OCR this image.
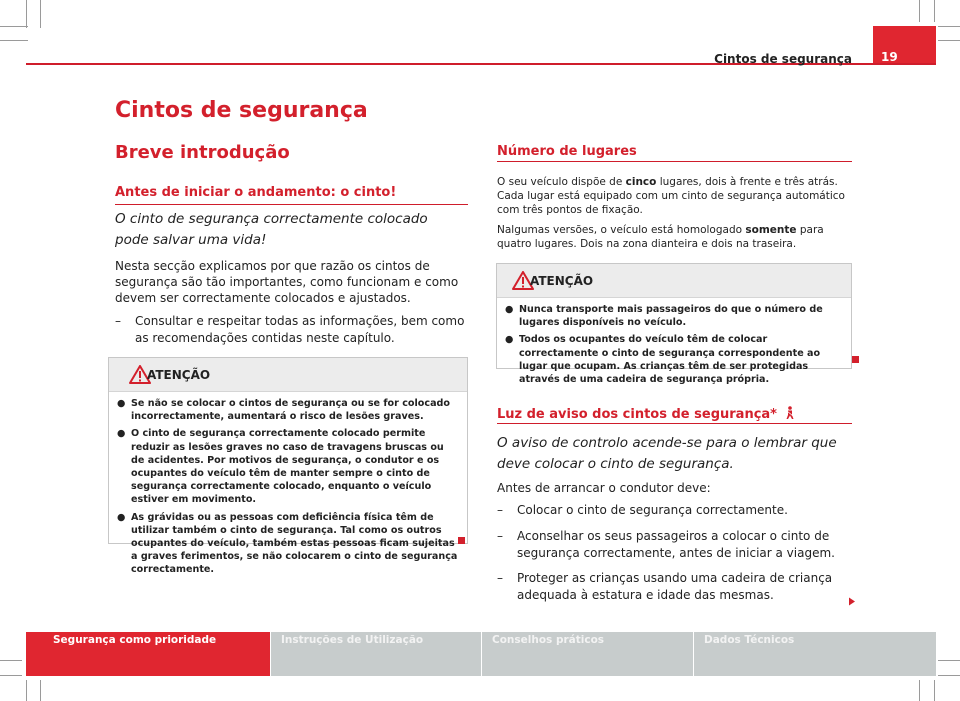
Cintos de segurança 19
Cintos de segurança
Breve introdução
Antes de iniciar o andamento: o cinto!
O cinto de segurança correctamente colocado pode salvar uma vida!
Nesta secção explicamos por que razão os cintos de segurança são tão importantes, como funcionam e como devem ser correctamente colocados e ajustados.
– Consultar e respeitar todas as informações, bem como as recomendações contidas neste capítulo.
ATENÇÃO
● Se não se colocar o cintos de segurança ou se for colocado incorrectamente, aumentará o risco de lesões graves.
● O cinto de segurança correctamente colocado permite reduzir as lesões graves no caso de travagens bruscas ou de acidentes. Por motivos de segurança, o condutor e os ocupantes do veículo têm de manter sempre o cinto de segurança correctamente colocado, enquanto o veículo estiver em movimento.
● As grávidas ou as pessoas com deficiência física têm de utilizar também o cinto de segurança. Tal como os outros ocupantes do veículo, também estas pessoas ficam sujeitas a graves ferimentos, se não colocarem o cinto de segurança correctamente.
Número de lugares
O seu veículo dispõe de cinco lugares, dois à frente e três atrás. Cada lugar está equipado com um cinto de segurança automático com três pontos de fixação.
Nalgumas versões, o veículo está homologado somente para quatro lugares. Dois na zona dianteira e dois na traseira.
ATENÇÃO
● Nunca transporte mais passageiros do que o número de lugares disponíveis no veículo.
● Todos os ocupantes do veículo têm de colocar correctamente o cinto de segurança correspondente ao lugar que ocupam. As crianças têm de ser protegidas através de uma cadeira de segurança própria.
Luz de aviso dos cintos de segurança*
O aviso de controlo acende-se para o lembrar que deve colocar o cinto de segurança.
Antes de arrancar o condutor deve:
– Colocar o cinto de segurança correctamente.
– Aconselhar os seus passageiros a colocar o cinto de segurança correctamente, antes de iniciar a viagem.
– Proteger as crianças usando uma cadeira de criança adequada à estatura e idade das mesmas.
Segurança como prioridade	Instruções de Utilização	Conselhos práticos	Dados Técnicos
